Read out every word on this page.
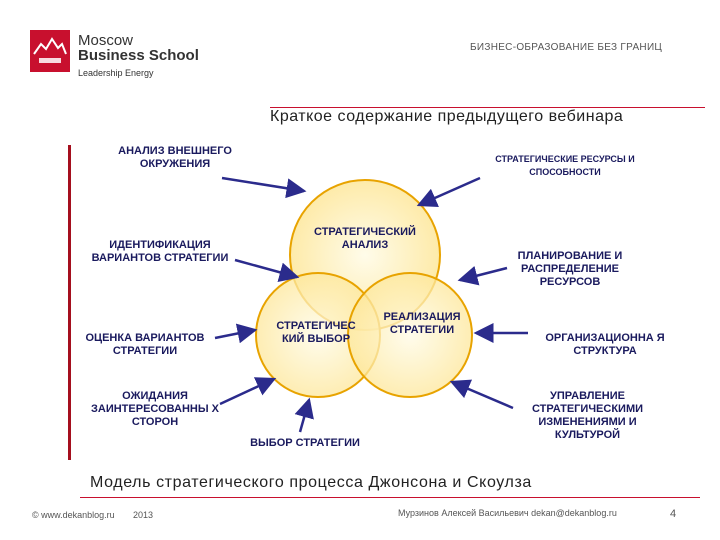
Moscow
Business School
Leadership Energy
БИЗНЕС-ОБРАЗОВАНИЕ БЕЗ ГРАНИЦ
Краткое содержание предыдущего вебинара
СТРАТЕГИЧЕСКИЙ АНАЛИЗ
СТРАТЕГИЧЕС КИЙ ВЫБОР
РЕАЛИЗАЦИЯ СТРАТЕГИИ
АНАЛИЗ ВНЕШНЕГО ОКРУЖЕНИЯ	СТРАТЕГИЧЕСКИЕ РЕСУРСЫ И СПОСОБНОСТИ
ИДЕНТИФИКАЦИЯ ВАРИАНТОВ СТРАТЕГИИ	ПЛАНИРОВАНИЕ И РАСПРЕДЕЛЕНИЕ РЕСУРСОВ
ОЦЕНКА ВАРИАНТОВ СТРАТЕГИИ
ОРГАНИЗАЦИОННА Я СТРУКТУРА
ОЖИДАНИЯ ЗАИНТЕРЕСОВАННЫ Х СТОРОН
ВЫБОР СТРАТЕГИИ
УПРАВЛЕНИЕ СТРАТЕГИЧЕСКИМИ ИЗМЕНЕНИЯМИ И КУЛЬТУРОЙ
Модель стратегического процесса Джонсона и Скоулза
© www.dekanblog.ru 2013	Мурзинов Алексей Васильевич dekan@dekanblog.ru	4
